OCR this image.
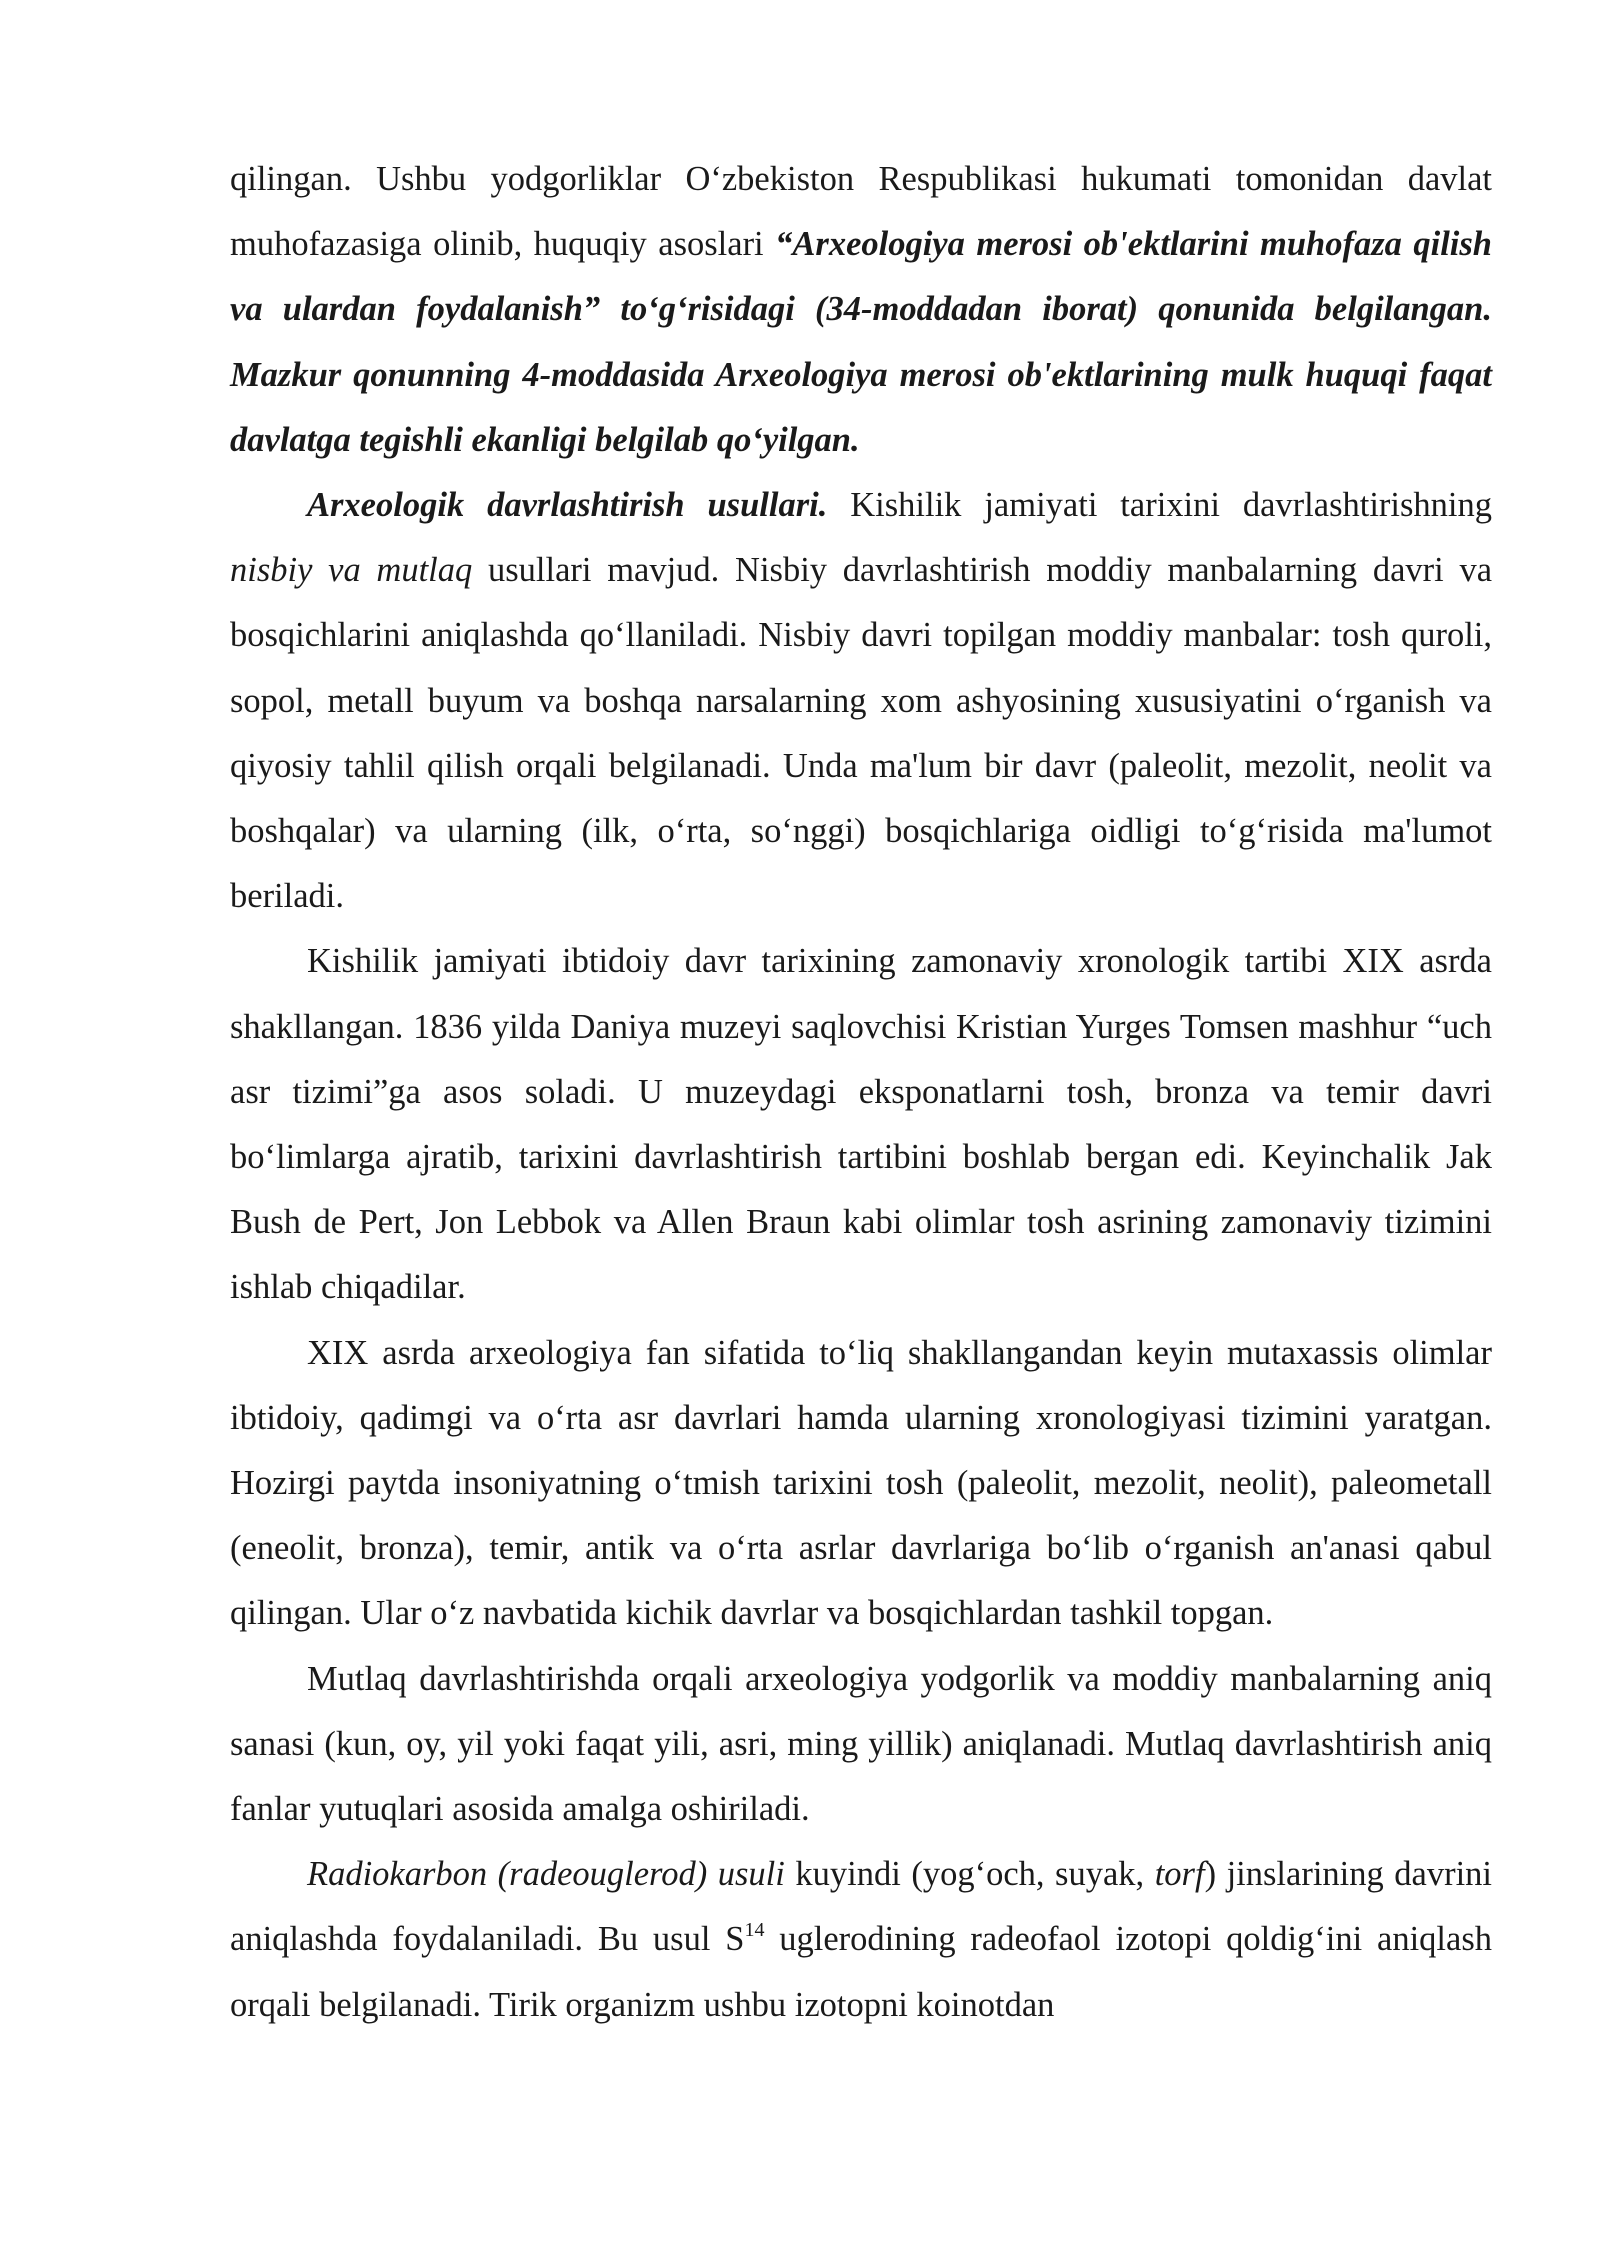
qilingan. Ushbu yodgorliklar O‘zbekiston Respublikasi hukumati tomonidan davlat muhofazasiga olinib, huquqiy asoslari “Arxeologiya merosi ob'ektlarini muhofaza qilish va ulardan foydalanish” to‘g‘risidagi (34-moddadan iborat) qonunida belgilangan. Mazkur qonunning 4-moddasida Arxeologiya merosi ob'ektlarining mulk huquqi faqat davlatga tegishli ekanligi belgilab qo‘yilgan.

Arxeologik davrlashtirish usullari. Kishilik jamiyati tarixini davrlashtirishning nisbiy va mutlaq usullari mavjud. Nisbiy davrlashtirish moddiy manbalarning davri va bosqichlarini aniqlashda qo‘llaniladi. Nisbiy davri topilgan moddiy manbalar: tosh quroli, sopol, metall buyum va boshqa narsalarning xom ashyosining xususiyatini o‘rganish va qiyosiy tahlil qilish orqali belgilanadi. Unda ma'lum bir davr (paleolit, mezolit, neolit va boshqalar) va ularning (ilk, o‘rta, so‘nggi) bosqichlariga oidligi to‘g‘risida ma'lumot beriladi.

Kishilik jamiyati ibtidoiy davr tarixining zamonaviy xronologik tartibi XIX asrda shakllangan. 1836 yilda Daniya muzeyi saqlovchisi Kristian Yurges Tomsen mashhur “uch asr tizimi”ga asos soladi. U muzeydagi eksponatlarni tosh, bronza va temir davri bo‘limlarga ajratib, tarixini davrlashtirish tartibini boshlab bergan edi. Keyinchalik Jak Bush de Pert, Jon Lebbok va Allen Braun kabi olimlar tosh asrining zamonaviy tizimini ishlab chiqadilar.

XIX asrda arxeologiya fan sifatida to‘liq shakllangandan keyin mutaxassis olimlar ibtidoiy, qadimgi va o‘rta asr davrlari hamda ularning xronologiyasi tizimini yaratgan. Hozirgi paytda insoniyatning o‘tmish tarixini tosh (paleolit, mezolit, neolit), paleometall (eneolit, bronza), temir, antik va o‘rta asrlar davrlariga bo‘lib o‘rganish an'anasi qabul qilingan. Ular o‘z navbatida kichik davrlar va bosqichlardan tashkil topgan.

Mutlaq davrlashtirishda orqali arxeologiya yodgorlik va moddiy manbalarning aniq sanasi (kun, oy, yil yoki faqat yili, asri, ming yillik) aniqlanadi. Mutlaq davrlashtirish aniq fanlar yutuqlari asosida amalga oshiriladi.

Radiokarbon (radeouglerod) usuli kuyindi (yog‘och, suyak, torf) jinslarining davrini aniqlashda foydalaniladi. Bu usul $S^{14}$ uglerodining radeofaol izotopi qoldig‘ini aniqlash orqali belgilanadi. Tirik organizm ushbu izotopni koinotdan
